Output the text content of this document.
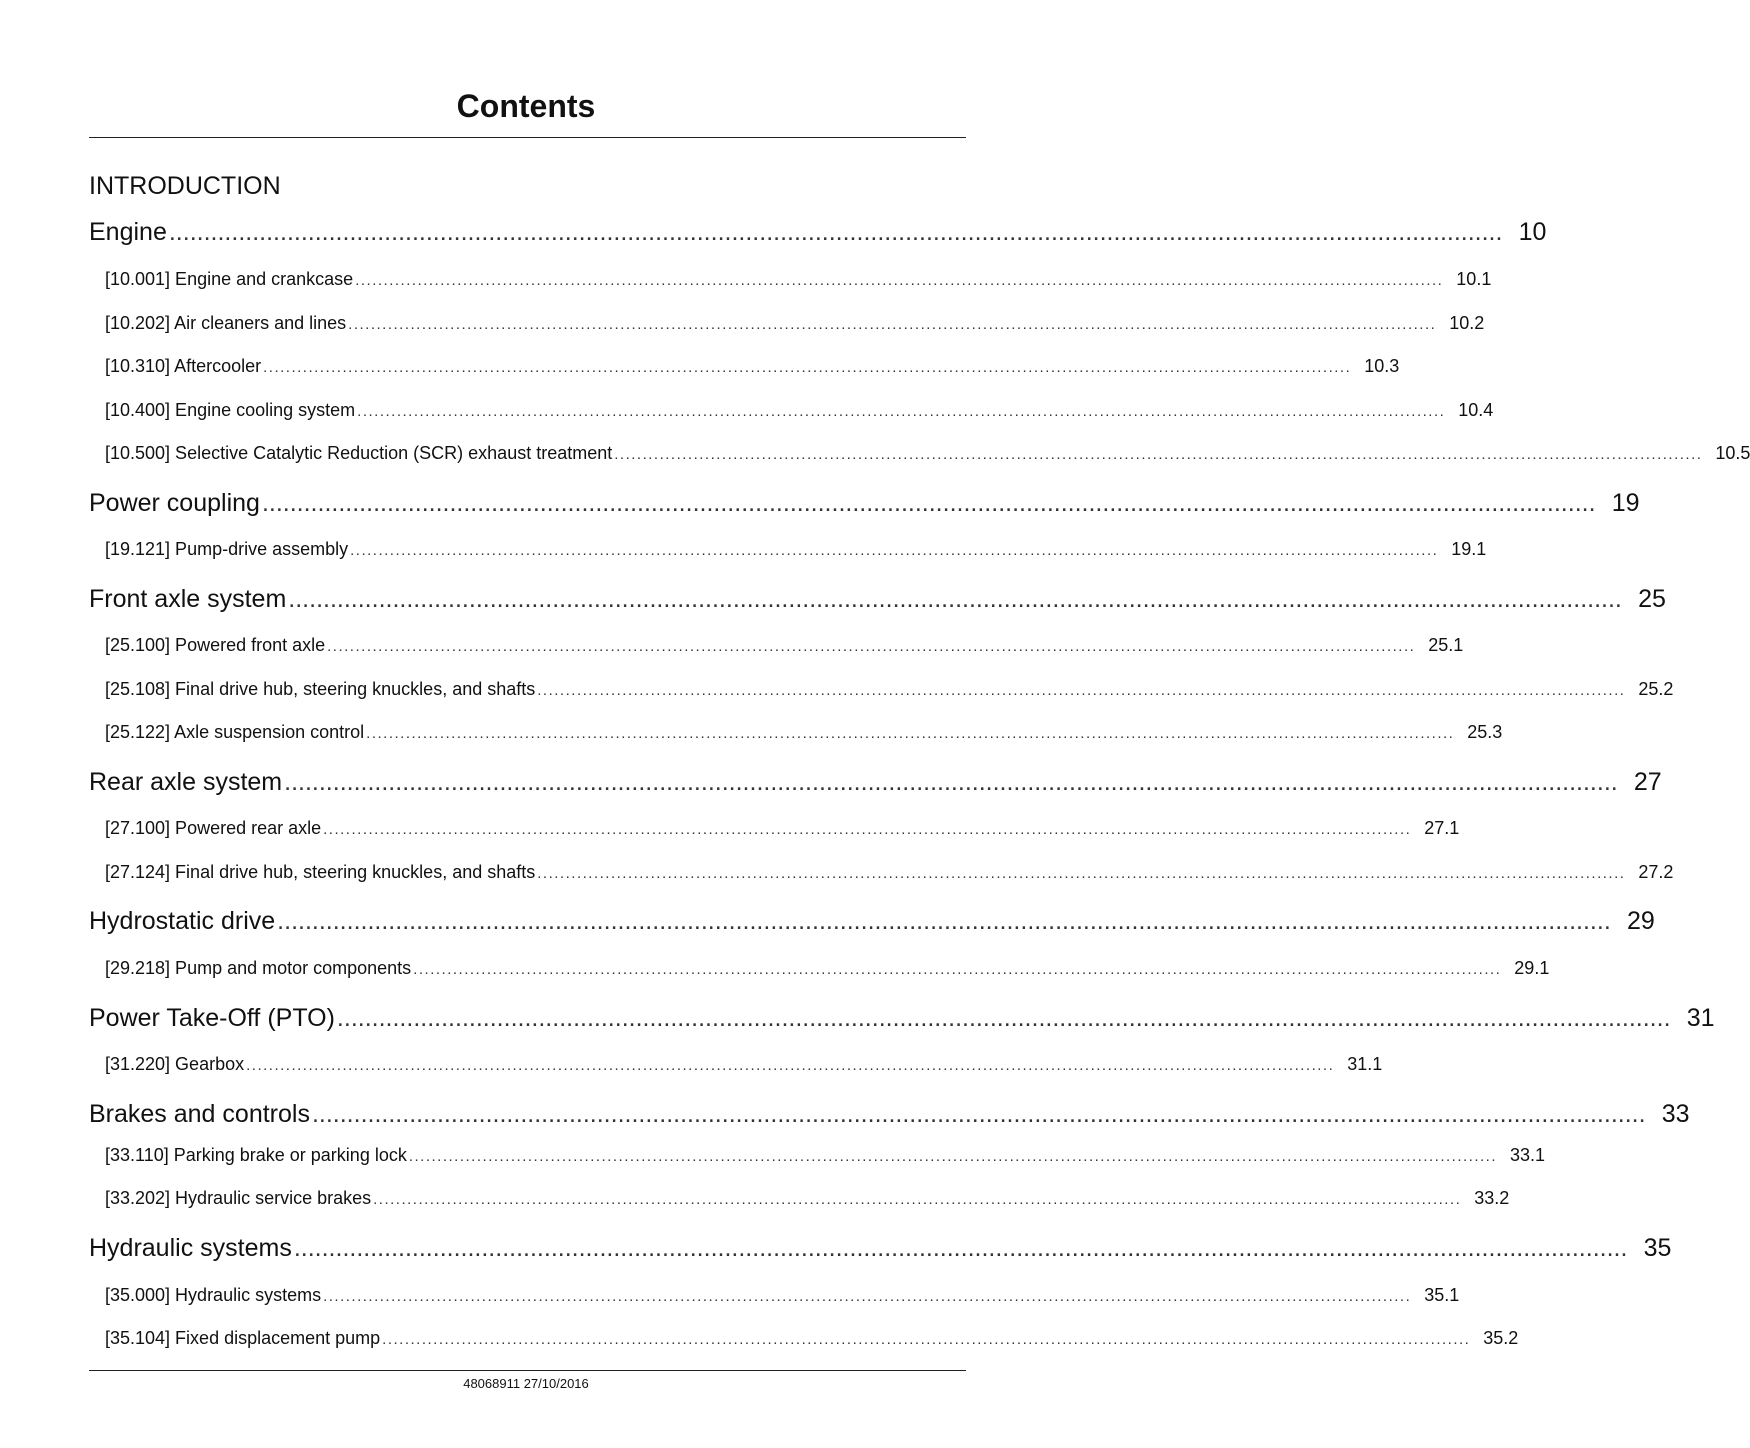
Contents
INTRODUCTION
Engine ................................................................................................................................................................................................ 10
[10.001] Engine and crankcase ................................................................................................................................................................................................ 10.1
[10.202] Air cleaners and lines ................................................................................................................................................................................................ 10.2
[10.310] Aftercooler ................................................................................................................................................................................................ 10.3
[10.400] Engine cooling system ................................................................................................................................................................................................ 10.4
[10.500] Selective Catalytic Reduction (SCR) exhaust treatment ................................................................................................................................................................................................ 10.5
Power coupling ................................................................................................................................................................................................ 19
[19.121] Pump-drive assembly ................................................................................................................................................................................................ 19.1
Front axle system ................................................................................................................................................................................................ 25
[25.100] Powered front axle ................................................................................................................................................................................................ 25.1
[25.108] Final drive hub, steering knuckles, and shafts ................................................................................................................................................................................................ 25.2
[25.122] Axle suspension control ................................................................................................................................................................................................ 25.3
Rear axle system ................................................................................................................................................................................................ 27
[27.100] Powered rear axle ................................................................................................................................................................................................ 27.1
[27.124] Final drive hub, steering knuckles, and shafts ................................................................................................................................................................................................ 27.2
Hydrostatic drive ................................................................................................................................................................................................ 29
[29.218] Pump and motor components ................................................................................................................................................................................................ 29.1
Power Take-Off (PTO) ................................................................................................................................................................................................ 31
[31.220] Gearbox ................................................................................................................................................................................................ 31.1
Brakes and controls ................................................................................................................................................................................................ 33
[33.110] Parking brake or parking lock ................................................................................................................................................................................................ 33.1
[33.202] Hydraulic service brakes ................................................................................................................................................................................................ 33.2
Hydraulic systems ................................................................................................................................................................................................ 35
[35.000] Hydraulic systems ................................................................................................................................................................................................ 35.1
[35.104] Fixed displacement pump ................................................................................................................................................................................................ 35.2
48068911 27/10/2016
